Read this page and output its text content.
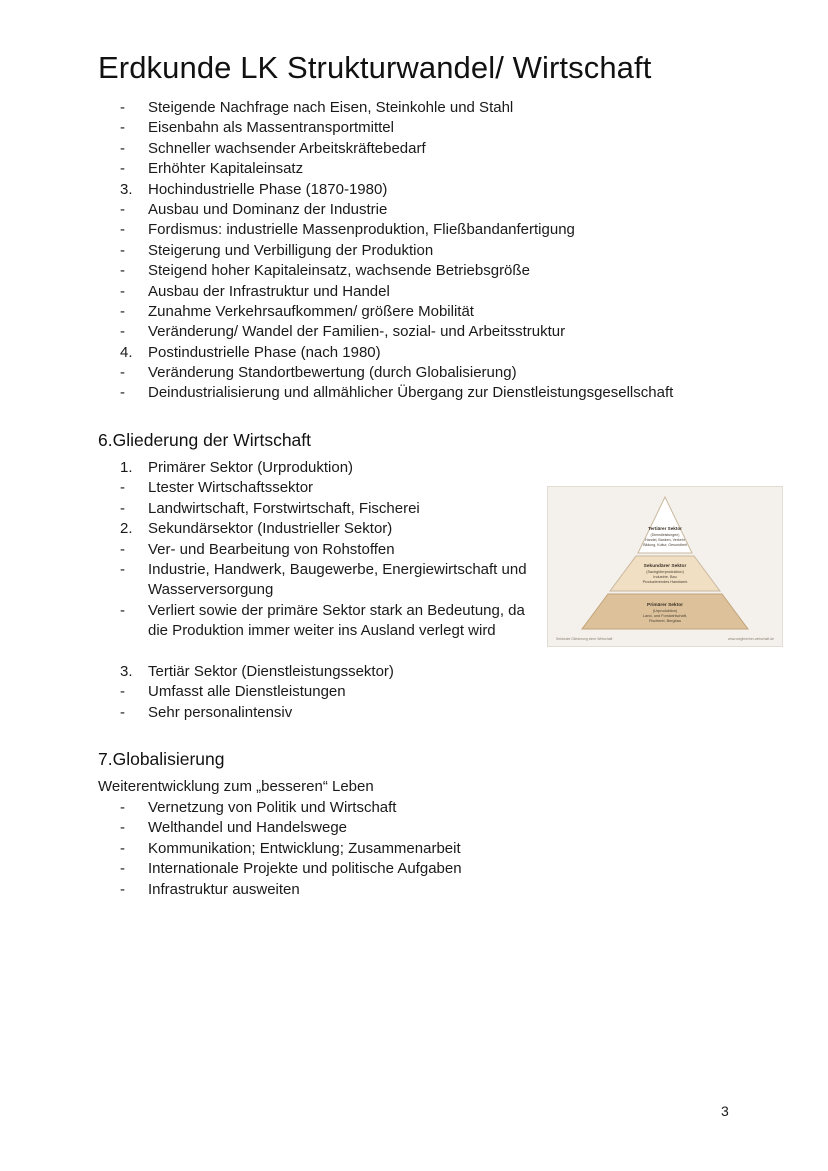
Erdkunde LK Strukturwandel/ Wirtschaft
- Steigende Nachfrage nach Eisen, Steinkohle und Stahl
- Eisenbahn als Massentransportmittel
- Schneller wachsender Arbeitskräftebedarf
- Erhöhter Kapitaleinsatz
3. Hochindustrielle Phase (1870-1980)
- Ausbau und Dominanz der Industrie
- Fordismus: industrielle Massenproduktion, Fließbandanfertigung
- Steigerung und Verbilligung der Produktion
- Steigend hoher Kapitaleinsatz, wachsende Betriebsgröße
- Ausbau der Infrastruktur und Handel
- Zunahme Verkehrsaufkommen/ größere Mobilität
- Veränderung/ Wandel der Familien-, sozial- und Arbeitsstruktur
4. Postindustrielle Phase (nach 1980)
- Veränderung Standortbewertung (durch Globalisierung)
- Deindustrialisierung und allmählicher Übergang zur Dienstleistungsgesellschaft
6.Gliederung der Wirtschaft
1. Primärer Sektor (Urproduktion)
- Ltester Wirtschaftssektor
- Landwirtschaft, Forstwirtschaft, Fischerei
2. Sekundärsektor (Industrieller Sektor)
- Ver- und Bearbeitung von Rohstoffen
- Industrie, Handwerk, Baugewerbe, Energiewirtschaft und Wasserversorgung
- Verliert sowie der primäre Sektor stark an Bedeutung, da die Produktion immer weiter ins Ausland verlegt wird
3. Tertiär Sektor (Dienstleistungssektor)
- Umfasst alle Dienstleistungen
- Sehr personalintensiv
Tertiärer Sektor
(Dienstleistungen)
Handel, Banken, Verkehr
Bildung, Kultur, Gesundheit
Sekundärer Sektor
(Sachgüterproduktion)
Industrie, Bau
Produzierendes Handwerk
Primärer Sektor
(Urproduktion)
Land- und Forstwirtschaft,
Fischerei, Bergbau
Sektorale Gliederung einer Wirtschaft	www.wegbrecher-wirtschaft.de
7.Globalisierung

Weiterentwicklung zum „besseren“ Leben

- Vernetzung von Politik und Wirtschaft
- Welthandel und Handelswege
- Kommunikation; Entwicklung; Zusammenarbeit
- Internationale Projekte und politische Aufgaben
- Infrastruktur ausweiten
3
